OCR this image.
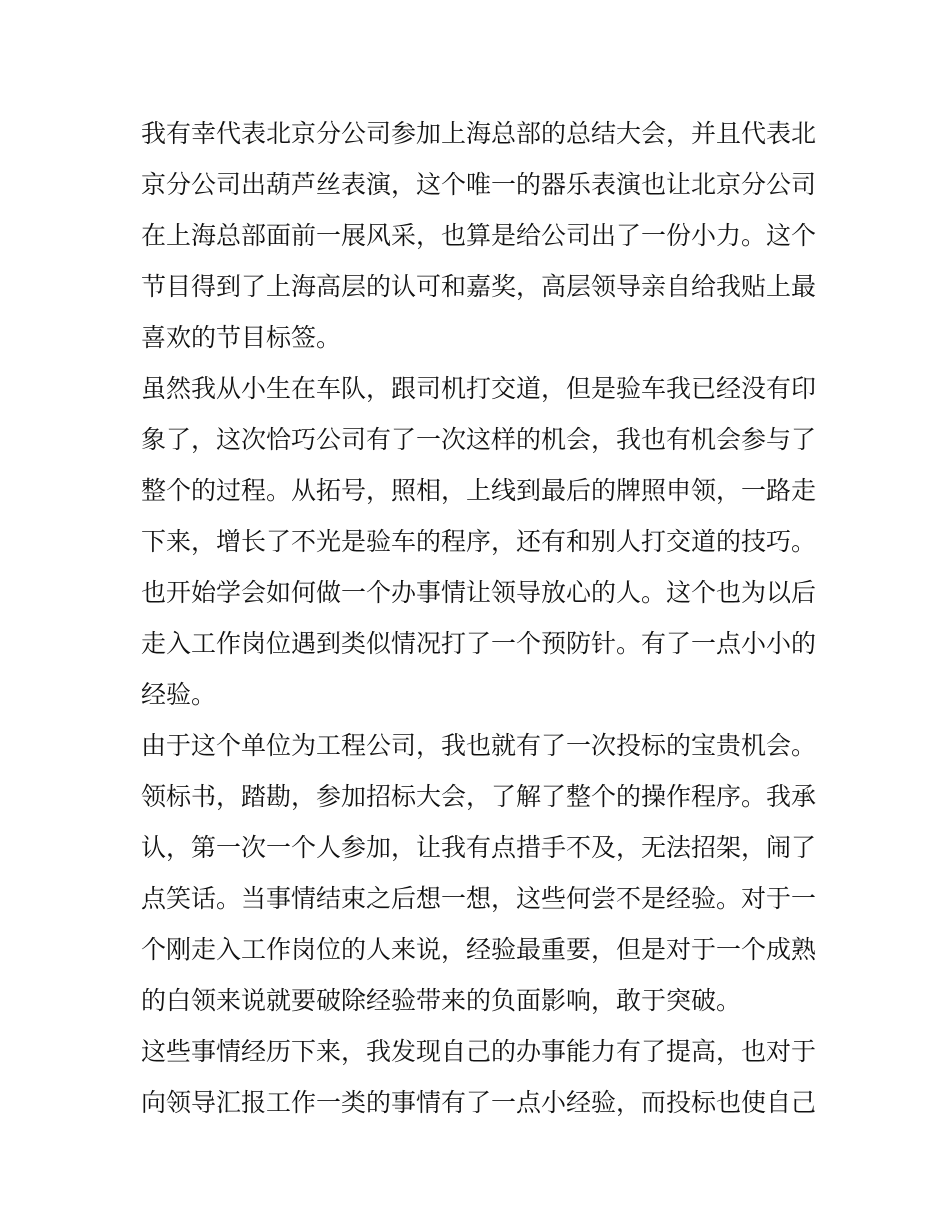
我有幸代表北京分公司参加上海总部的总结大会，并且代表北
京分公司出葫芦丝表演，这个唯一的器乐表演也让北京分公司
在上海总部面前一展风采，也算是给公司出了一份小力。这个
节目得到了上海高层的认可和嘉奖，高层领导亲自给我贴上最
喜欢的节目标签。

虽然我从小生在车队，跟司机打交道，但是验车我已经没有印
象了，这次恰巧公司有了一次这样的机会，我也有机会参与了
整个的过程。从拓号，照相，上线到最后的牌照申领，一路走
下来，增长了不光是验车的程序，还有和别人打交道的技巧。
也开始学会如何做一个办事情让领导放心的人。这个也为以后
走入工作岗位遇到类似情况打了一个预防针。有了一点小小的
经验。

由于这个单位为工程公司，我也就有了一次投标的宝贵机会。
领标书，踏勘，参加招标大会，了解了整个的操作程序。我承
认，第一次一个人参加，让我有点措手不及，无法招架，闹了
点笑话。当事情结束之后想一想，这些何尝不是经验。对于一
个刚走入工作岗位的人来说，经验最重要，但是对于一个成熟
的白领来说就要破除经验带来的负面影响，敢于突破。

这些事情经历下来，我发现自己的办事能力有了提高，也对于
向领导汇报工作一类的事情有了一点小经验，而投标也使自己
